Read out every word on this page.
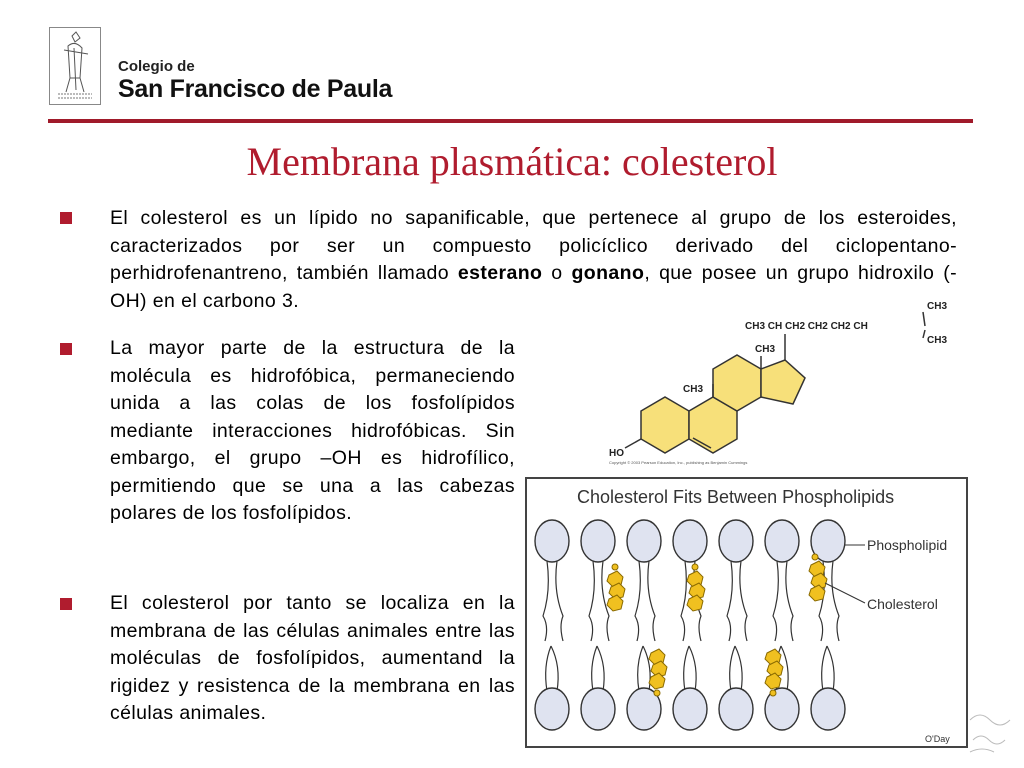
Colegio de
San Francisco de Paula
Membrana plasmática: colesterol
El colesterol es un lípido no sapanificable, que pertenece al grupo de los esteroides, caracterizados por ser un compuesto policíclico derivado del ciclopentano-perhidrofenantreno, también llamado esterano o gonano, que posee un grupo hidroxilo (-OH) en el carbono 3.
La mayor parte de la estructura de la molécula es hidrofóbica, permaneciendo unida a las colas de los fosfolípidos mediante interacciones hidrofóbicas. Sin embargo, el grupo –OH es hidrofílico, permitiendo que se una a las cabezas polares de los fosfolípidos.
El colesterol por tanto se localiza en la membrana de las células animales entre las moléculas de fosfolípidos, aumentand la rigidez y resistenca de la membrana en las células animales.
CH3 CH CH2 CH2 CH2 CH
CH3
CH3
CH3
CH3
HO
Copyright © 2003 Pearson Education, Inc., publishing as Benjamin Cummings
Cholesterol Fits Between Phospholipids
Phospholipid
Cholesterol
O'Day
